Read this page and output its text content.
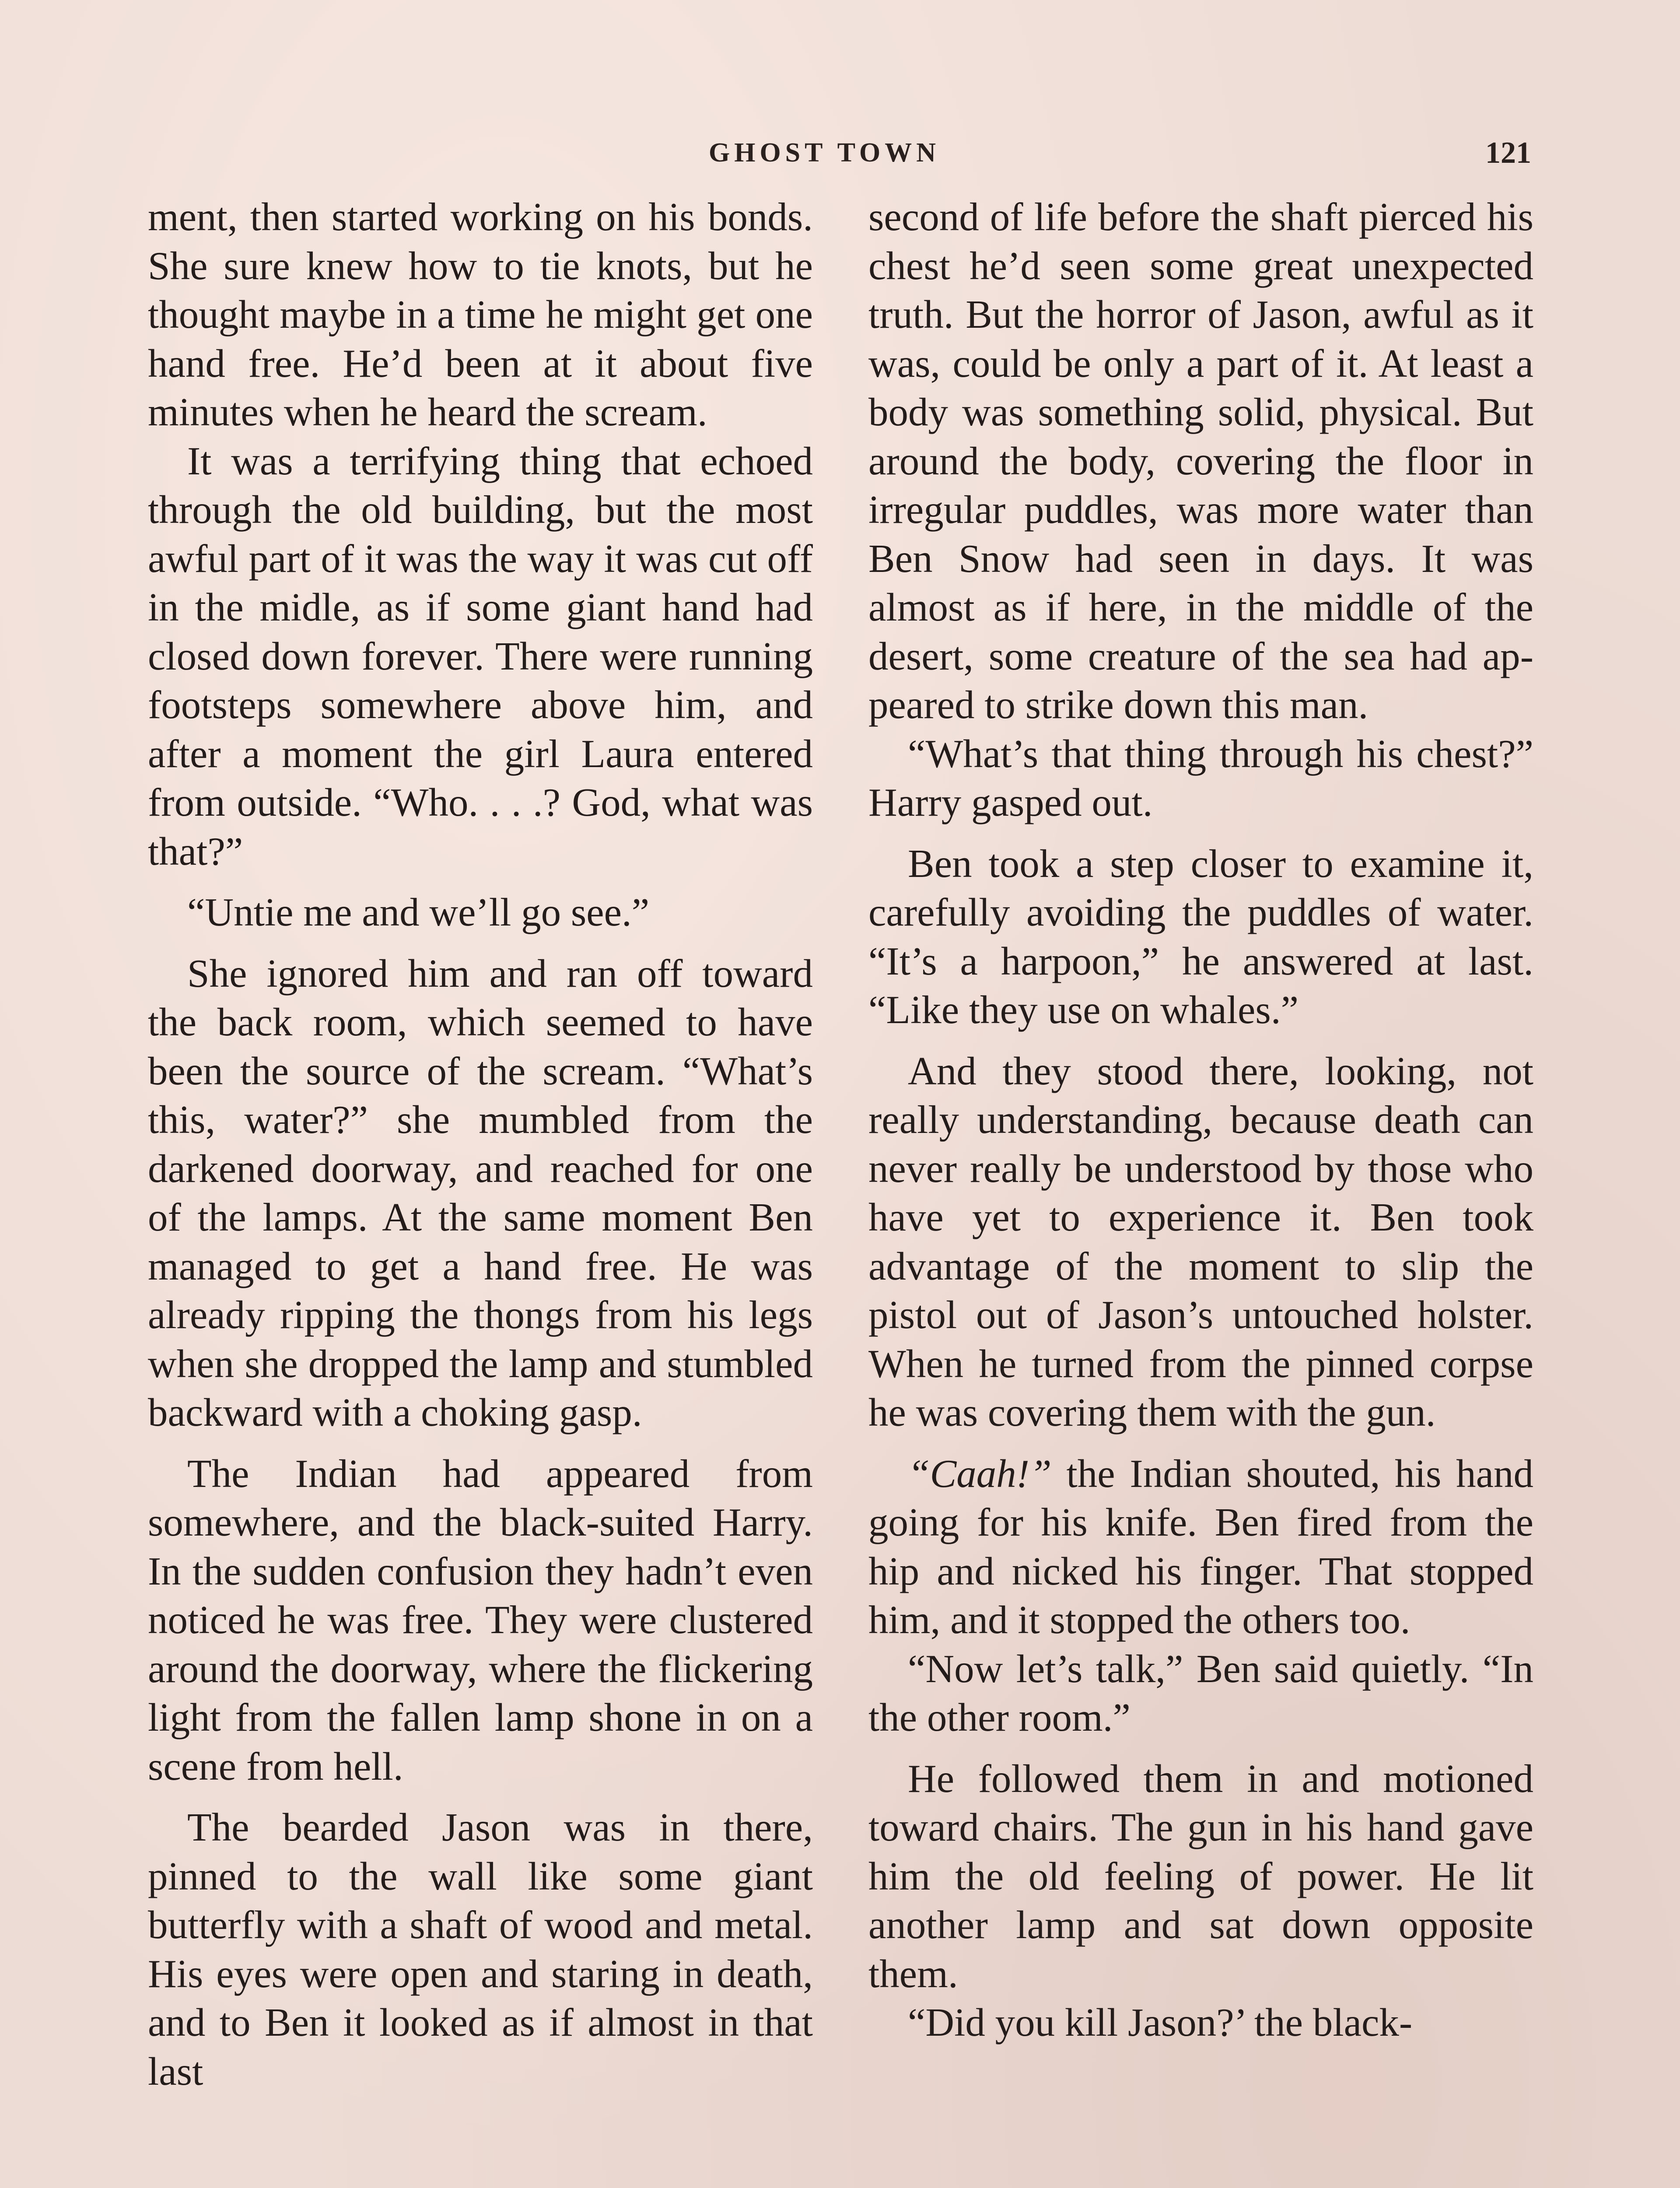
GHOST TOWN	121

ment, then started working on his bonds. She sure knew how to tie knots, but he thought maybe in a time he might get one hand free. He’d been at it about five minutes when he heard the scream.

It was a terrifying thing that echoed through the old building, but the most awful part of it was the way it was cut off in the midle, as if some giant hand had closed down forever. There were running footsteps somewhere above him, and after a moment the girl Laura entered from outside. “Who. . . .? God, what was that?”

“Untie me and we’ll go see.”

She ignored him and ran off toward the back room, which seemed to have been the source of the scream. “What’s this, water?” she mumbled from the darkened doorway, and reached for one of the lamps. At the same moment Ben managed to get a hand free. He was already ripping the thongs from his legs when she dropped the lamp and stumbled backward with a choking gasp.

The Indian had appeared from somewhere, and the black-suited Harry. In the sudden confusion they hadn’t even noticed he was free. They were clustered around the doorway, where the flickering light from the fallen lamp shone in on a scene from hell.

The bearded Jason was in there, pinned to the wall like some giant butterfly with a shaft of wood and metal. His eyes were open and staring in death, and to Ben it looked as if almost in that last

second of life before the shaft pierced his chest he’d seen some great unexpected truth. But the horror of Jason, awful as it was, could be only a part of it. At least a body was something solid, physical. But around the body, covering the floor in irregular puddles, was more water than Ben Snow had seen in days. It was almost as if here, in the middle of the desert, some creature of the sea had appeared to strike down this man.

“What’s that thing through his chest?” Harry gasped out.

Ben took a step closer to examine it, carefully avoiding the puddles of water. “It’s a harpoon,” he answered at last. “Like they use on whales.”

And they stood there, looking, not really understanding, because death can never really be understood by those who have yet to experience it. Ben took advantage of the moment to slip the pistol out of Jason’s untouched holster. When he turned from the pinned corpse he was covering them with the gun.

“Caah!” the Indian shouted, his hand going for his knife. Ben fired from the hip and nicked his finger. That stopped him, and it stopped the others too.

“Now let’s talk,” Ben said quietly. “In the other room.”

He followed them in and motioned toward chairs. The gun in his hand gave him the old feeling of power. He lit another lamp and sat down opposite them.

“Did you kill Jason?’ the black-
